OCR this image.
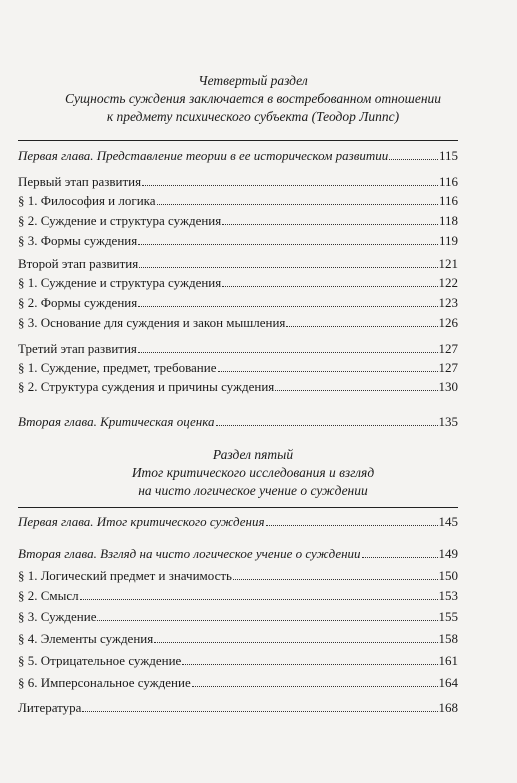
Четвертый раздел
Сущность суждения заключается в востребованном отношении
к предмету психического субъекта (Теодор Липпс)
Первая глава. Представление теории в ее историческом развитии	115
Первый этап развития	116
§ 1. Философия и логика	116
§ 2. Суждение и структура суждения	118
§ 3. Формы суждения	119
Второй этап развития	121
§ 1. Суждение и структура суждения	122
§ 2. Формы суждения	123
§ 3. Основание для суждения и закон мышления	126
Третий этап развития	127
§ 1. Суждение, предмет, требование	127
§ 2. Структура суждения и причины суждения	130
Вторая глава. Критическая оценка	135
Раздел пятый
Итог критического исследования и взгляд
на чисто логическое учение о суждении
Первая глава. Итог критического суждения	145
Вторая глава. Взгляд на чисто логическое учение о суждении	149
§ 1. Логический предмет и значимость	150
§ 2. Смысл	153
§ 3. Суждение	155
§ 4. Элементы суждения	158
§ 5. Отрицательное суждение	161
§ 6. Имперсональное суждение	164
Литература	168
